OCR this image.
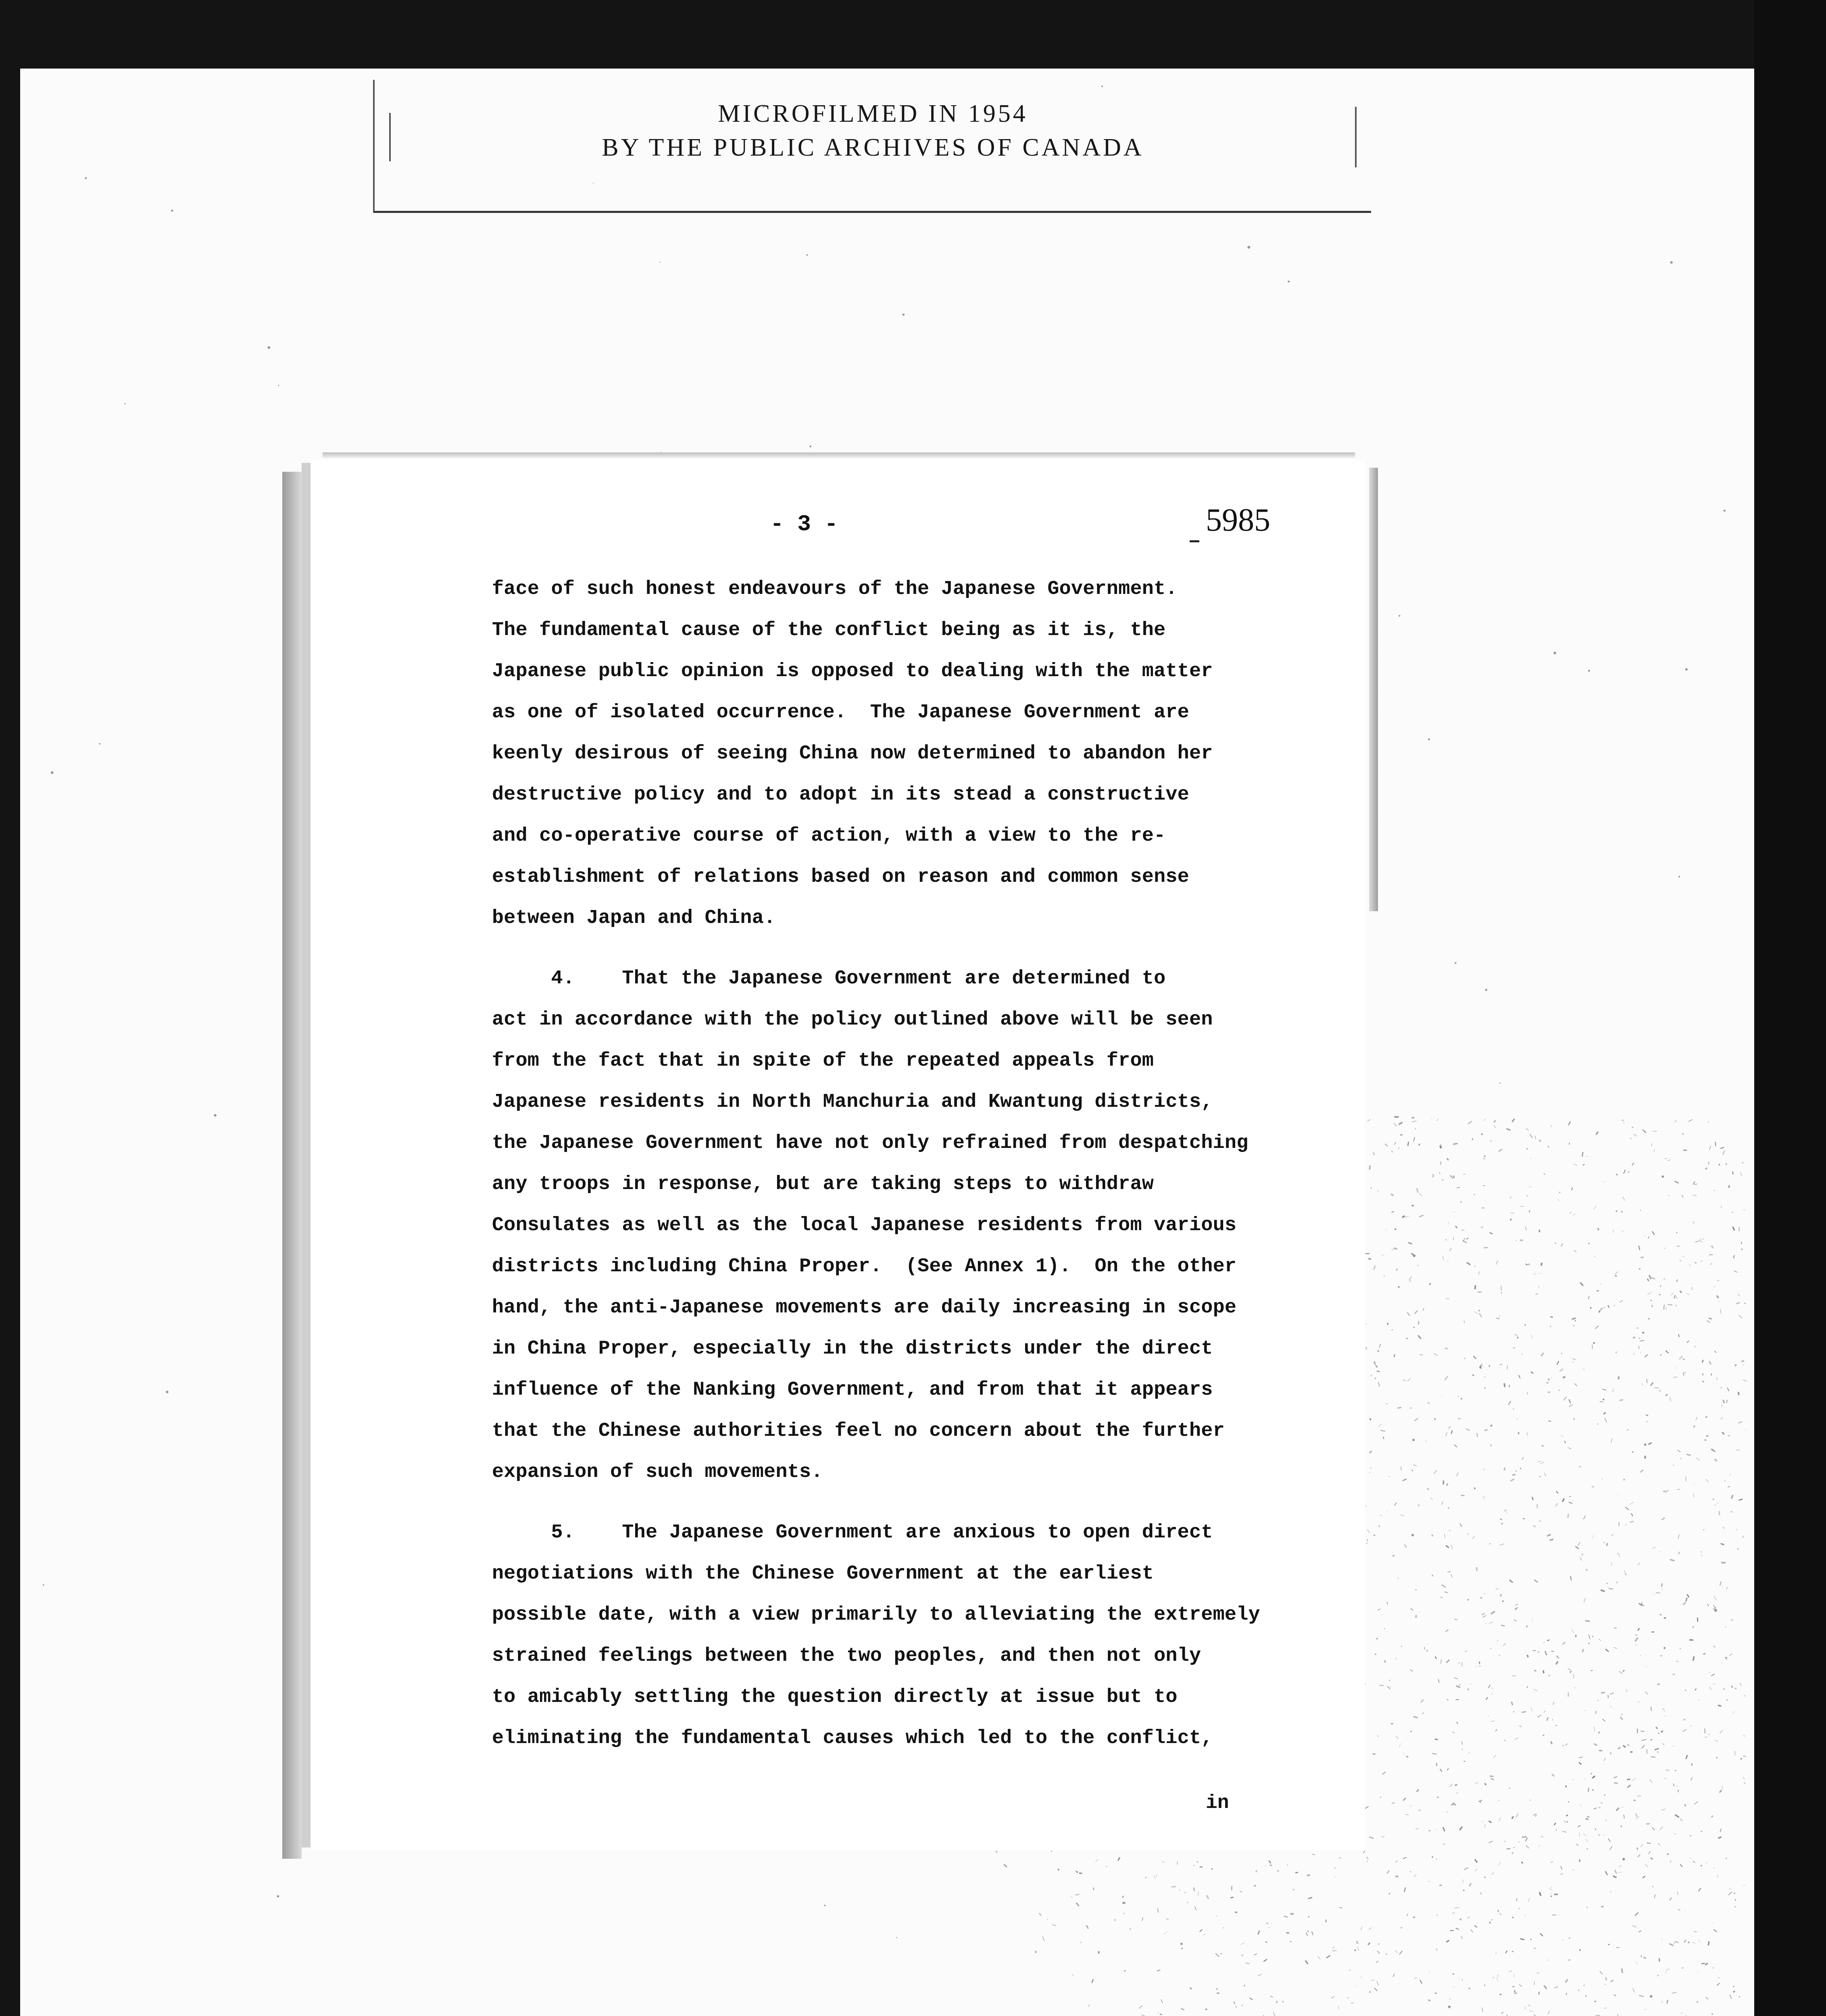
MICROFILMED IN 1954
BY THE PUBLIC ARCHIVES OF CANADA
- 3 -	5985
face of such honest endeavours of the Japanese Government.
The fundamental cause of the conflict being as it is, the
Japanese public opinion is opposed to dealing with the matter
as one of isolated occurrence.  The Japanese Government are
keenly desirous of seeing China now determined to abandon her
destructive policy and to adopt in its stead a constructive
and co-operative course of action, with a view to the re-
establishment of relations based on reason and common sense
between Japan and China.
4.    That the Japanese Government are determined to
act in accordance with the policy outlined above will be seen
from the fact that in spite of the repeated appeals from
Japanese residents in North Manchuria and Kwantung districts,
the Japanese Government have not only refrained from despatching
any troops in response, but are taking steps to withdraw
Consulates as well as the local Japanese residents from various
districts including China Proper.  (See Annex 1).  On the other
hand, the anti-Japanese movements are daily increasing in scope
in China Proper, especially in the districts under the direct
influence of the Nanking Government, and from that it appears
that the Chinese authorities feel no concern about the further
expansion of such movements.
5.    The Japanese Government are anxious to open direct
negotiations with the Chinese Government at the earliest
possible date, with a view primarily to alleviating the extremely
strained feelings between the two peoples, and then not only
to amicably settling the question directly at issue but to
eliminating the fundamental causes which led to the conflict,
in
